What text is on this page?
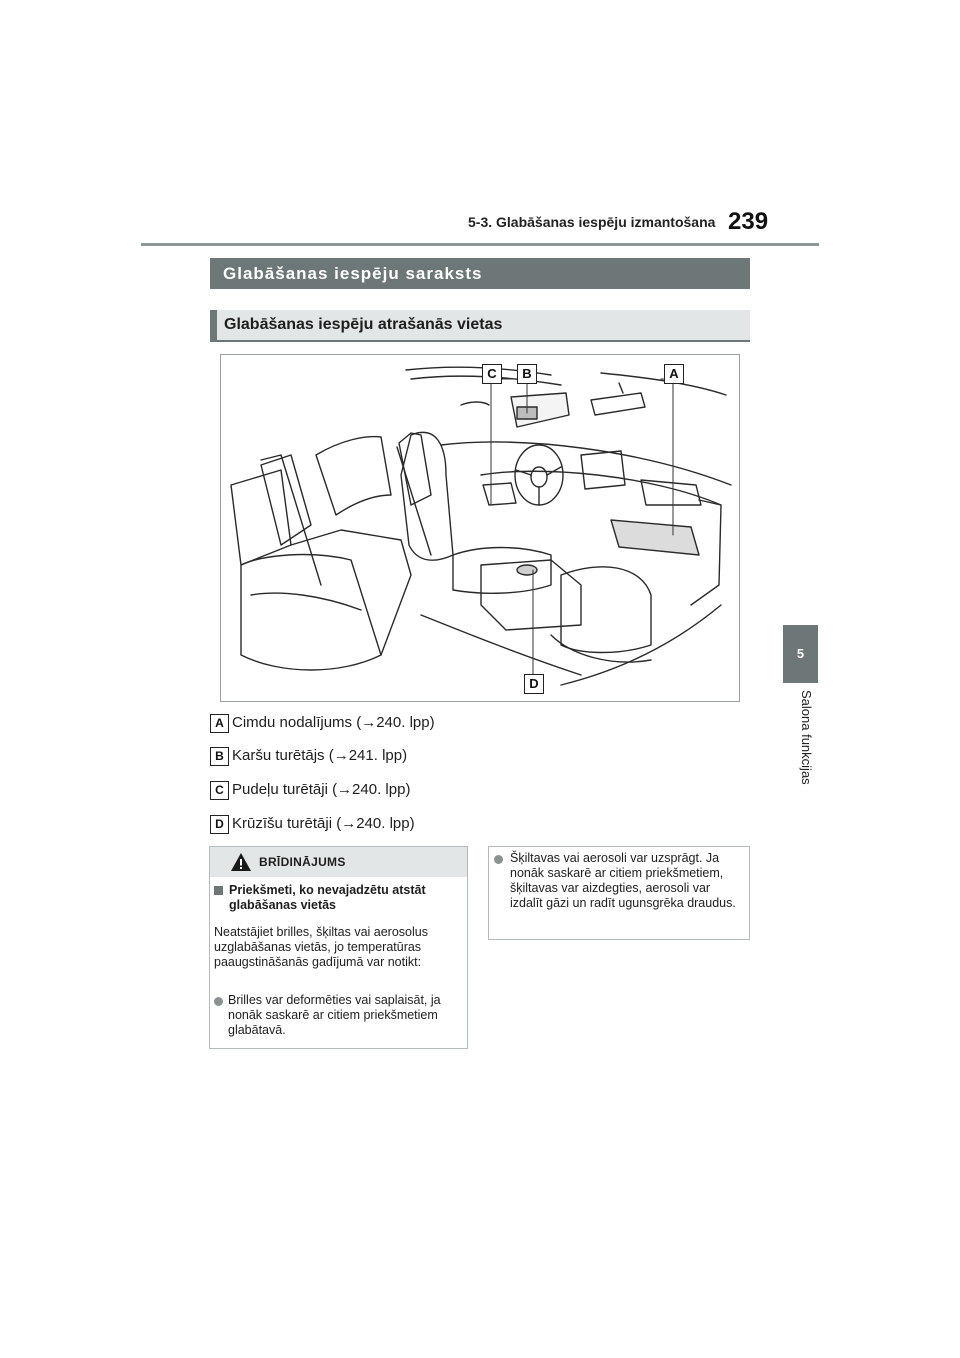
5-3. Glabāšanas iespēju izmantošana 239
5
Salona funkcijas
Glabāšanas iespēju saraksts
Glabāšanas iespēju atrašanās vietas
C	B	A
D
A Cimdu nodalījums (→240. lpp)
B Karšu turētājs (→241. lpp)
C Pudeļu turētāji (→240. lpp)
D Krūzīšu turētāji (→240. lpp)
BRĪDINĀJUMS
Priekšmeti, ko nevajadzētu atstāt glabāšanas vietās
Neatstājiet brilles, šķiltas vai aerosolus uzglabāšanas vietās, jo temperatūras paaugstināšanās gadījumā var notikt:
Brilles var deformēties vai saplaisāt, ja nonāk saskarē ar citiem priekšmetiem glabātavā.
Šķiltavas vai aerosoli var uzsprāgt. Ja nonāk saskarē ar citiem priekšmetiem, šķiltavas var aizdegties, aerosoli var izdalīt gāzi un radīt ugunsgrēka draudus.
